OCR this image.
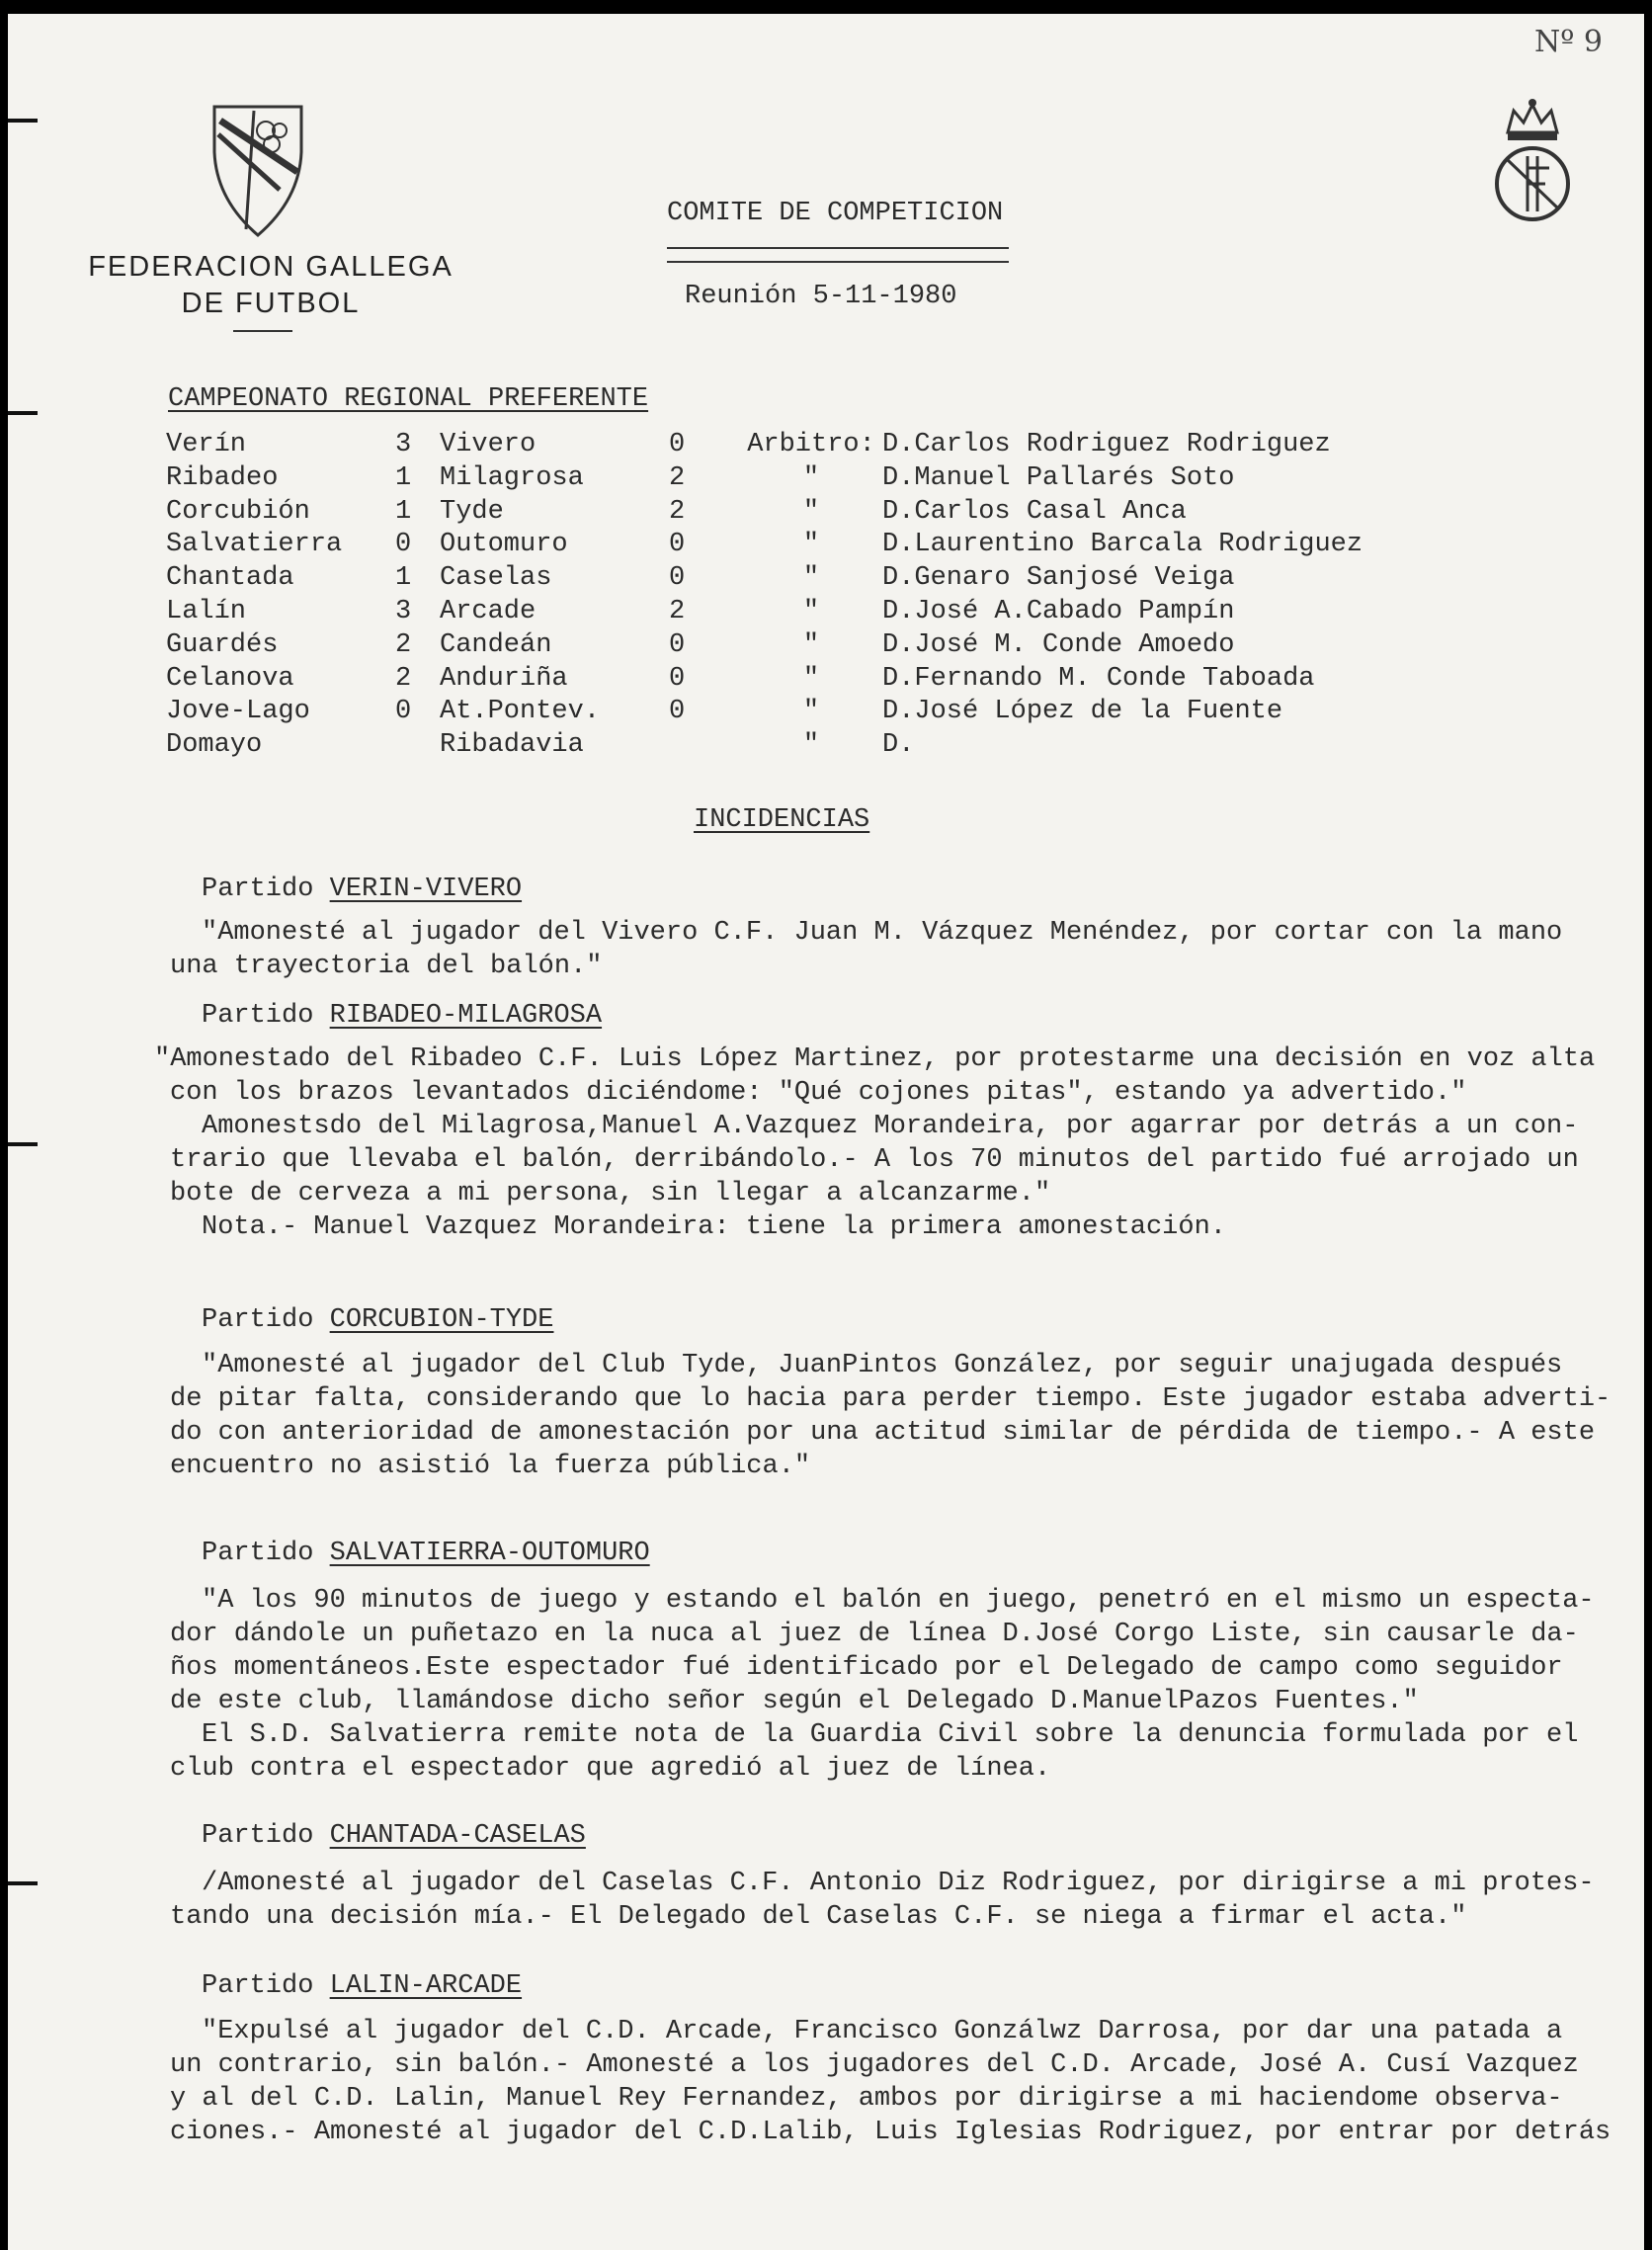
Nº 9
FEDERACION GALLEGA
DE FUTBOL
COMITE DE COMPETICION
Reunión 5-11-1980
CAMPEONATO REGIONAL PREFERENTE
Verín	3	Vivero	0	Arbitro:	D.Carlos Rodriguez Rodriguez
Ribadeo	1	Milagrosa	2	"	D.Manuel Pallarés Soto
Corcubión	1	Tyde	2	"	D.Carlos Casal Anca
Salvatierra	0	Outomuro	0	"	D.Laurentino Barcala Rodriguez
Chantada	1	Caselas	0	"	D.Genaro Sanjosé Veiga
Lalín	3	Arcade	2	"	D.José A.Cabado Pampín
Guardés	2	Candeán	0	"	D.José M. Conde Amoedo
Celanova	2	Anduriña	0	"	D.Fernando M. Conde Taboada
Jove-Lago	0	At.Pontev.	0	"	D.José López de la Fuente
Domayo		Ribadavia		"	D.
INCIDENCIAS
Partido VERIN-VIVERO
"Amonesté al jugador del Vivero C.F. Juan M. Vázquez Menéndez, por cortar con la mano
una trayectoria del balón."
Partido RIBADEO-MILAGROSA
"Amonestado del Ribadeo C.F. Luis López Martinez, por protestarme una decisión en voz alta
con los brazos levantados diciéndome: "Qué cojones pitas", estando ya advertido."
Amonestsdo del Milagrosa,Manuel A.Vazquez Morandeira, por agarrar por detrás a un con-
trario que llevaba el balón, derribándolo.- A los 70 minutos del partido fué arrojado un
bote de cerveza a mi persona, sin llegar a alcanzarme."
Nota.- Manuel Vazquez Morandeira: tiene la primera amonestación.
Partido CORCUBION-TYDE
"Amonesté al jugador del Club Tyde, JuanPintos González, por seguir unajugada después
de pitar falta, considerando que lo hacia para perder tiempo. Este jugador estaba adverti-
do con anterioridad de amonestación por una actitud similar de pérdida de tiempo.- A este
encuentro no asistió la fuerza pública."
Partido SALVATIERRA-OUTOMURO
"A los 90 minutos de juego y estando el balón en juego, penetró en el mismo un especta-
dor dándole un puñetazo en la nuca al juez de línea D.José Corgo Liste, sin causarle da-
ños momentáneos.Este espectador fué identificado por el Delegado de campo como seguidor
de este club, llamándose dicho señor según el Delegado D.ManuelPazos Fuentes."
El S.D. Salvatierra remite nota de la Guardia Civil sobre la denuncia formulada por el
club contra el espectador que agredió al juez de línea.
Partido CHANTADA-CASELAS
/Amonesté al jugador del Caselas C.F. Antonio Diz Rodriguez, por dirigirse a mi protes-
tando una decisión mía.- El Delegado del Caselas C.F. se niega a firmar el acta."
Partido LALIN-ARCADE
"Expulsé al jugador del C.D. Arcade, Francisco Gonzálwz Darrosa, por dar una patada a
un contrario, sin balón.- Amonesté a los jugadores del C.D. Arcade, José A. Cusí Vazquez
y al del C.D. Lalin, Manuel Rey Fernandez, ambos por dirigirse a mi haciendome observa-
ciones.- Amonesté al jugador del C.D.Lalib, Luis Iglesias Rodriguez, por entrar por detrás
